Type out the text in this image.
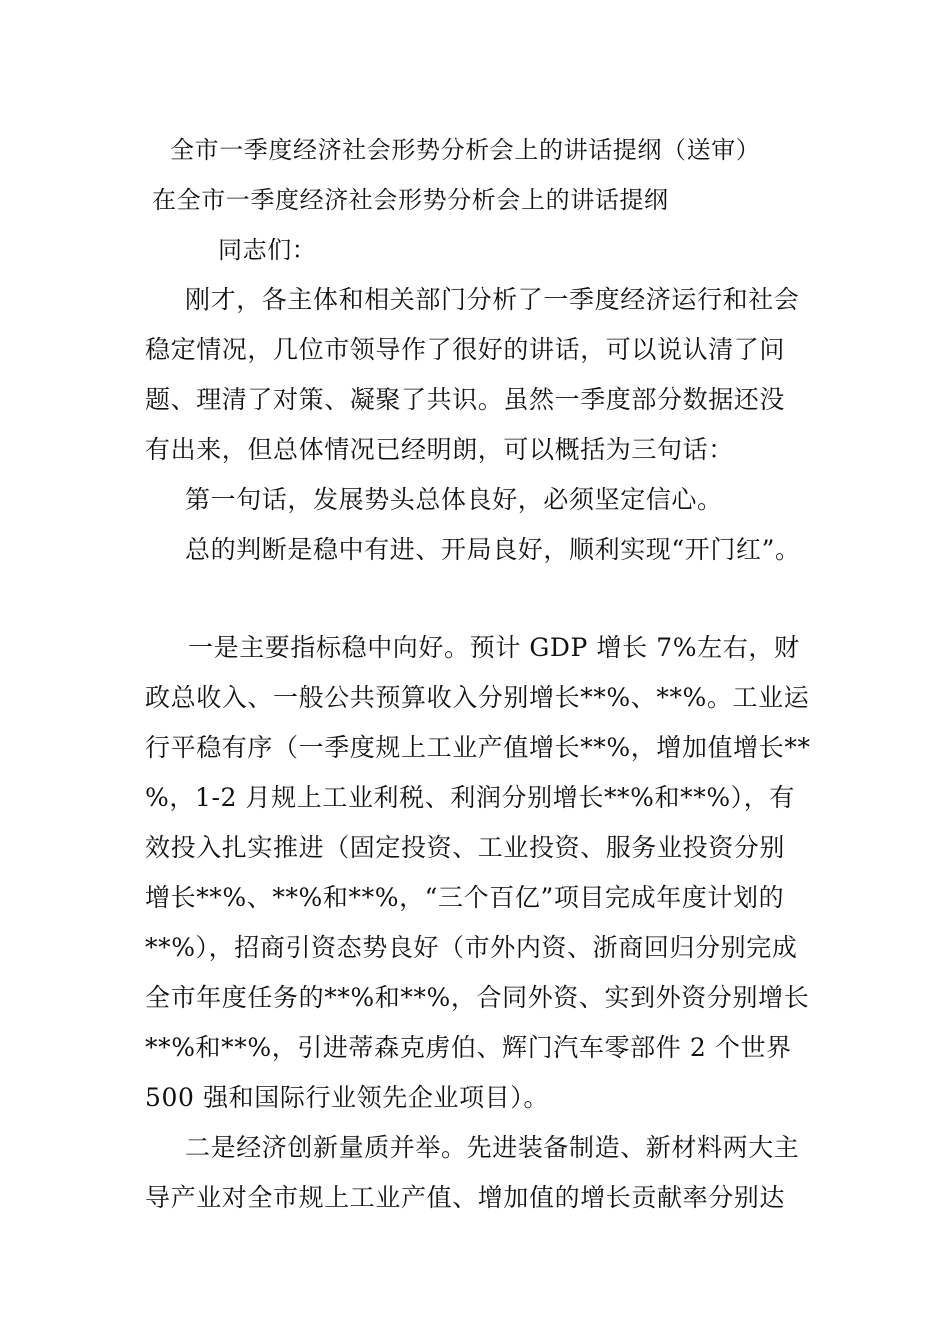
全市一季度经济社会形势分析会上的讲话提纲（送审）
在全市一季度经济社会形势分析会上的讲话提纲
同志们：
刚才，各主体和相关部门分析了一季度经济运行和社会
稳定情况，几位市领导作了很好的讲话，可以说认清了问
题、理清了对策、凝聚了共识。虽然一季度部分数据还没
有出来，但总体情况已经明朗，可以概括为三句话：
第一句话，发展势头总体良好，必须坚定信心。
总的判断是稳中有进、开局良好，顺利实现“开门红”。
一是主要指标稳中向好。预计 GDP 增长 7%左右，财
政总收入、一般公共预算收入分别增长**%、**%。工业运
行平稳有序（一季度规上工业产值增长**%，增加值增长**
%，1-2 月规上工业利税、利润分别增长**%和**%），有
效投入扎实推进（固定投资、工业投资、服务业投资分别
增长**%、**%和**%，“三个百亿”项目完成年度计划的
**%），招商引资态势良好（市外内资、浙商回归分别完成
全市年度任务的**%和**%，合同外资、实到外资分别增长
**%和**%，引进蒂森克虏伯、辉门汽车零部件 2 个世界
500 强和国际行业领先企业项目）。
二是经济创新量质并举。先进装备制造、新材料两大主
导产业对全市规上工业产值、增加值的增长贡献率分别达
